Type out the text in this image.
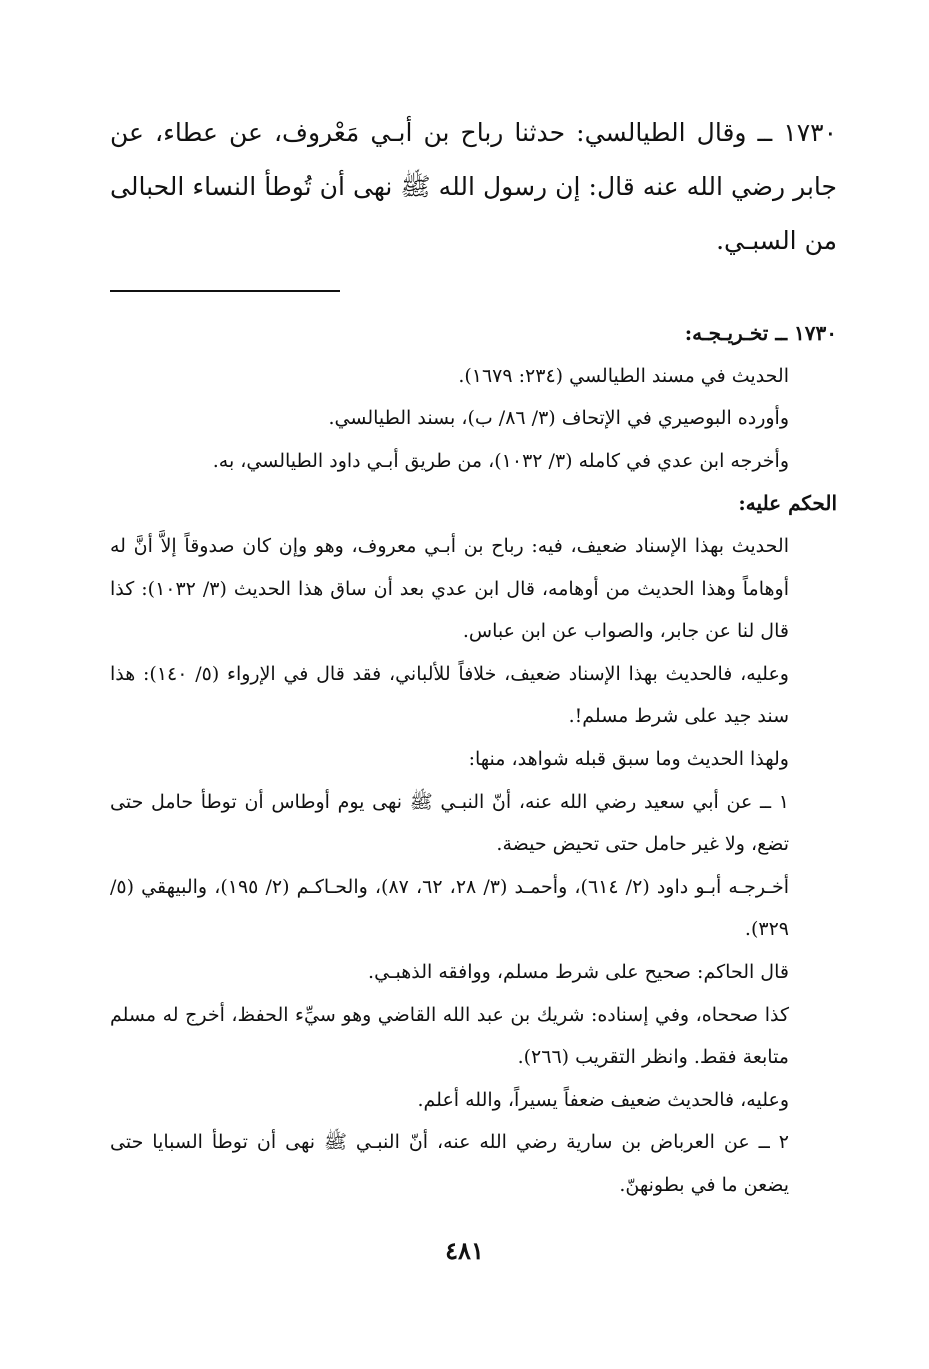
١٧٣٠ ــ وقال الطيالسي: حدثنا رباح بن أبـي مَعْروف، عن عطاء، عن جابر رضي الله عنه قال: إن رسول الله ﷺ نهى أن تُوطأ النساء الحبالى من السبـي.

١٧٣٠ ــ تخـريـجـه:

الحديث في مسند الطيالسي (٢٣٤: ١٦٧٩).

وأورده البوصيري في الإتحاف (٣/ ٨٦/ ب)، بسند الطيالسي.

وأخرجه ابن عدي في كامله (٣/ ١٠٣٢)، من طريق أبـي داود الطيالسي، به.

الحكم عليه:

الحديث بهذا الإسناد ضعيف، فيه: رباح بن أبـي معروف، وهو وإن كان صدوقاً إلاَّ أنَّ له أوهاماً وهذا الحديث من أوهامه، قال ابن عدي بعد أن ساق هذا الحديث (٣/ ١٠٣٢): كذا قال لنا عن جابر، والصواب عن ابن عباس.

وعليه، فالحديث بهذا الإسناد ضعيف، خلافاً للألباني، فقد قال في الإرواء (٥/ ١٤٠): هذا سند جيد على شرط مسلم!.

ولهذا الحديث وما سبق قبله شواهد، منها:

١ ــ عن أبي سعيد رضي الله عنه، أنّ النبـي ﷺ نهى يوم أوطاس أن توطأ حامل حتى تضع، ولا غير حامل حتى تحيض حيضة.

أخـرجـه أبـو داود (٢/ ٦١٤)، وأحمـد (٣/ ٢٨، ٦٢، ٨٧)، والحـاكـم (٢/ ١٩٥)، والبيهقي (٥/ ٣٢٩).

قال الحاكم: صحيح على شرط مسلم، ووافقه الذهبـي.

كذا صححاه، وفي إسناده: شريك بن عبد الله القاضي وهو سيِّء الحفظ، أخرج له مسلم متابعة فقط. وانظر التقريب (٢٦٦).

وعليه، فالحديث ضعيف ضعفاً يسيراً، والله أعلم.

٢ ــ عن العرباض بن سارية رضي الله عنه، أنّ النبـي ﷺ نهى أن توطأ السبايا حتى يضعن ما في بطونهنّ.

٤٨١
